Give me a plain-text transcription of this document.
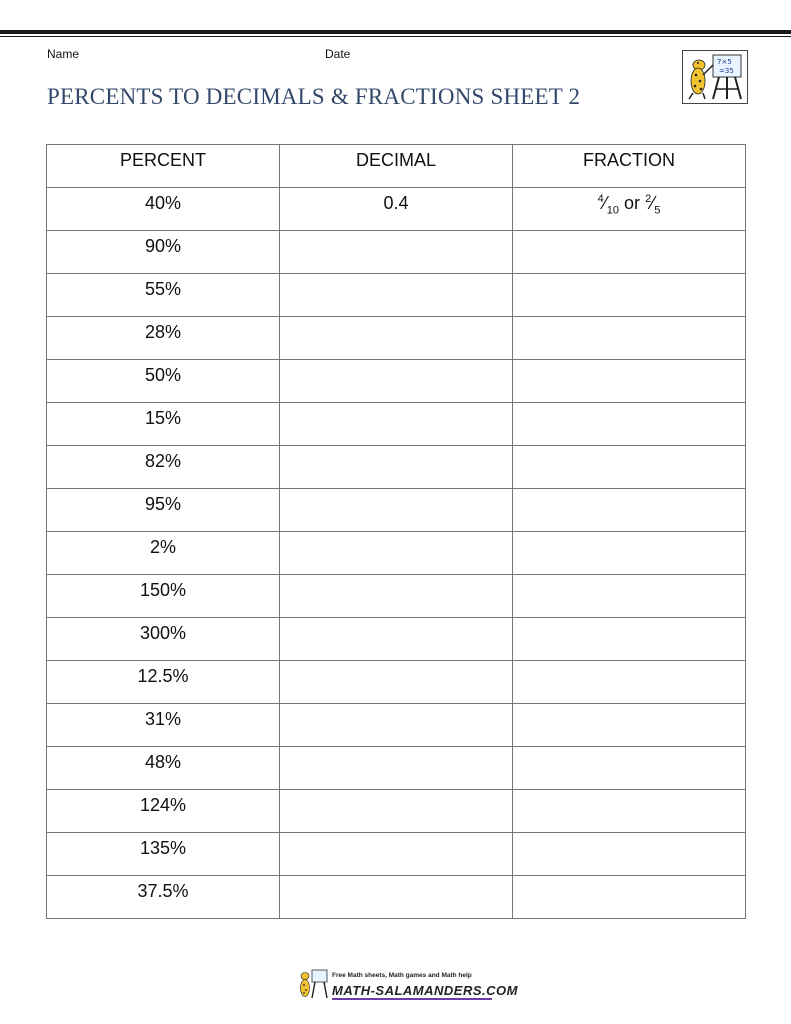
Name	Date
PERCENTS TO DECIMALS & FRACTIONS SHEET 2
7×5
=35
PERCENT	DECIMAL	FRACTION
40%	0.4	$^4⁄_{10}$ or $^2⁄_5$
90%		
55%		
28%		
50%		
15%		
82%		
95%		
2%		
150%		
300%		
12.5%		
31%		
48%		
124%		
135%		
37.5%		
Free Math sheets, Math games and Math help
MATH-SALAMANDERS.COM
